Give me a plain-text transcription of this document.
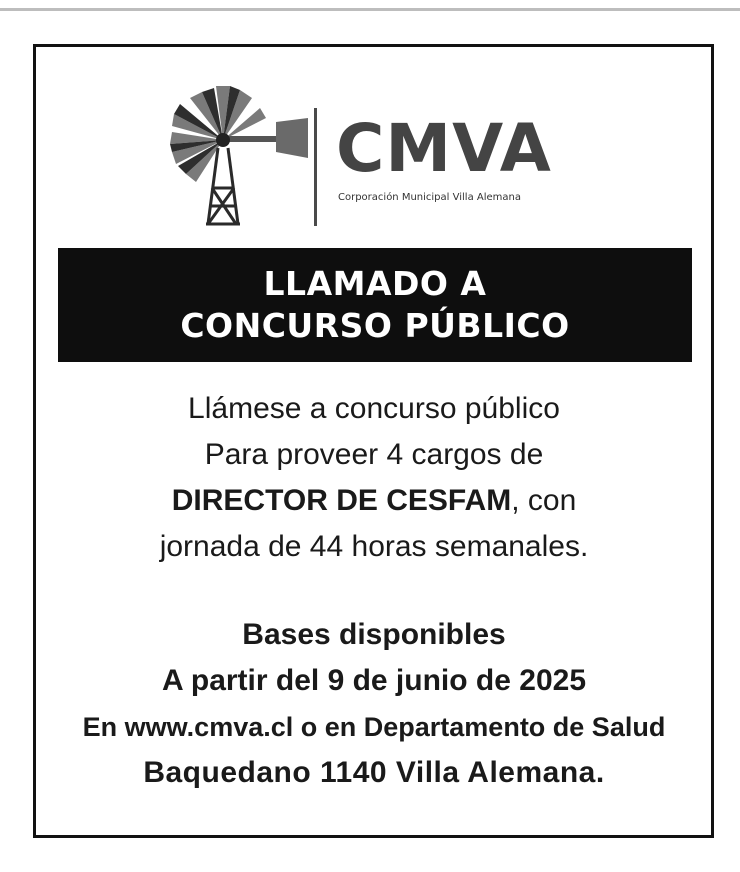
CMVA
Corporación Municipal Villa Alemana
LLAMADO A
CONCURSO PÚBLICO
Llámese a concurso público
Para proveer 4 cargos de
DIRECTOR DE CESFAM, con
jornada de 44 horas semanales.
Bases disponibles
A partir del 9 de junio de 2025
En www.cmva.cl o en Departamento de Salud
Baquedano 1140 Villa Alemana.
